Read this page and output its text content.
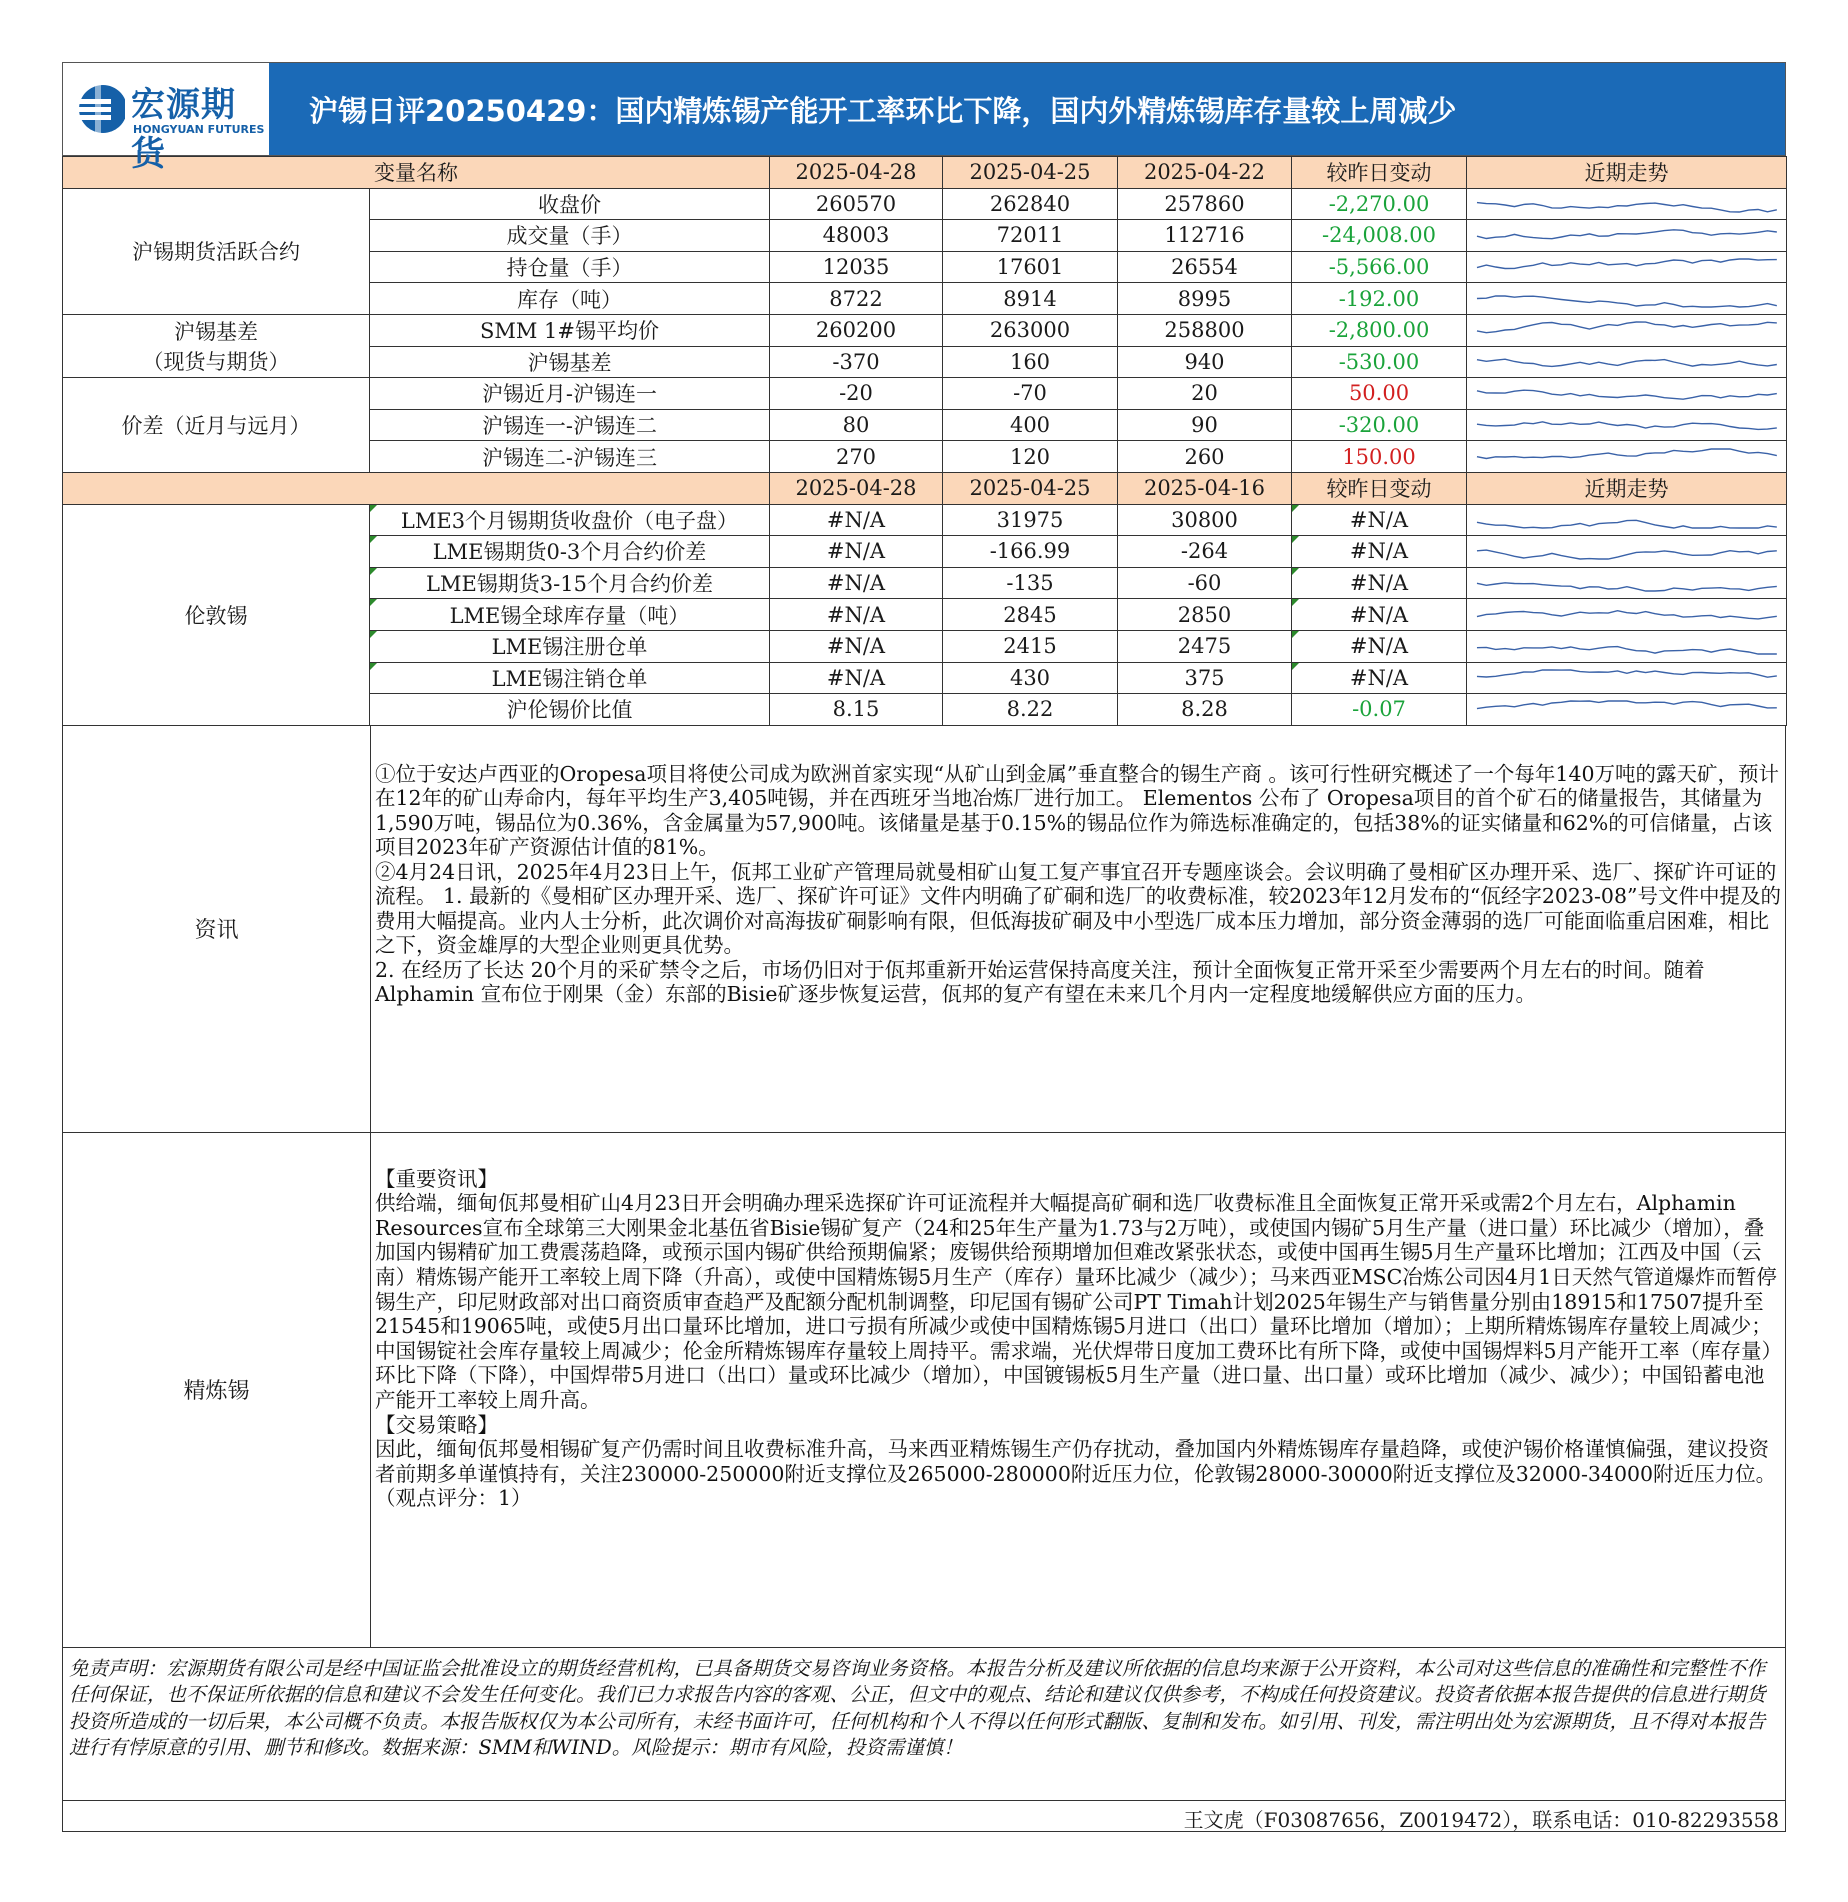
宏源期货
HONGYUAN FUTURES
沪锡日评20250429：国内精炼锡产能开工率环比下降，国内外精炼锡库存量较上周减少
变量名称		2025-04-28	2025-04-25	2025-04-22	较昨日变动	近期走势
沪锡期货活跃合约	收盘价	260570	262840	257860	-2,270.00	

	成交量（手）	48003	72011	112716	-24,008.00	

	持仓量（手）	12035	17601	26554	-5,566.00	

	库存（吨）	8722	8914	8995	-192.00	

沪锡基差
（现货与期货）	SMM 1#锡平均价	260200	263000	258800	-2,800.00	

	沪锡基差	-370	160	940	-530.00	

价差（近月与远月）	沪锡近月-沪锡连一	-20	-70	20	50.00	

	沪锡连一-沪锡连二	80	400	90	-320.00	

	沪锡连二-沪锡连三	270	120	260	150.00	

		2025-04-28	2025-04-25	2025-04-16	较昨日变动	近期走势
伦敦锡	LME3个月锡期货收盘价（电子盘）	#N/A	31975	30800	#N/A	

	LME锡期货0-3个月合约价差	#N/A	-166.99	-264	#N/A	

	LME锡期货3-15个月合约价差	#N/A	-135	-60	#N/A	

	LME锡全球库存量（吨）	#N/A	2845	2850	#N/A	

	LME锡注册仓单	#N/A	2415	2475	#N/A	

	LME锡注销仓单	#N/A	430	375	#N/A	

	沪伦锡价比值	8.15	8.22	8.28	-0.07	
资讯

①位于安达卢西亚的Oropesa项目将使公司成为欧洲首家实现“从矿山到金属”垂直整合的锡生产商 。该可行性研究概述了一个每年140万吨的露天矿，预计在12年的矿山寿命内，每年平均生产3,405吨锡，并在西班牙当地冶炼厂进行加工。 Elementos 公布了 Oropesa项目的首个矿石的储量报告，其储量为1,590万吨，锡品位为0.36%，含金属量为57,900吨。该储量是基于0.15%的锡品位作为筛选标准确定的，包括38%的证实储量和62%的可信储量，占该项目2023年矿产资源估计值的81%。

②4月24日讯，2025年4月23日上午，佤邦工业矿产管理局就曼相矿山复工复产事宜召开专题座谈会。会议明确了曼相矿区办理开采、选厂、探矿许可证的流程。 1. 最新的《曼相矿区办理开采、选厂、探矿许可证》文件内明确了矿硐和选厂的收费标准，较2023年12月发布的“佤经字2023-08”号文件中提及的费用大幅提高。业内人士分析，此次调价对高海拔矿硐影响有限，但低海拔矿硐及中小型选厂成本压力增加，部分资金薄弱的选厂可能面临重启困难，相比之下，资金雄厚的大型企业则更具优势。

2. 在经历了长达 20个月的采矿禁令之后，市场仍旧对于佤邦重新开始运营保持高度关注，预计全面恢复正常开采至少需要两个月左右的时间。随着 Alphamin 宣布位于刚果（金）东部的Bisie矿逐步恢复运营，佤邦的复产有望在未来几个月内一定程度地缓解供应方面的压力。

精炼锡

【重要资讯】

供给端，缅甸佤邦曼相矿山4月23日开会明确办理采选探矿许可证流程并大幅提高矿硐和选厂收费标准且全面恢复正常开采或需2个月左右，Alphamin Resources宣布全球第三大刚果金北基伍省Bisie锡矿复产（24和25年生产量为1.73与2万吨），或使国内锡矿5月生产量（进口量）环比减少（增加），叠加国内锡精矿加工费震荡趋降，或预示国内锡矿供给预期偏紧；废锡供给预期增加但难改紧张状态，或使中国再生锡5月生产量环比增加；江西及中国（云南）精炼锡产能开工率较上周下降（升高），或使中国精炼锡5月生产（库存）量环比减少（减少）；马来西亚MSC冶炼公司因4月1日天然气管道爆炸而暂停锡生产，印尼财政部对出口商资质审查趋严及配额分配机制调整，印尼国有锡矿公司PT Timah计划2025年锡生产与销售量分别由18915和17507提升至21545和19065吨，或使5月出口量环比增加，进口亏损有所减少或使中国精炼锡5月进口（出口）量环比增加（增加）；上期所精炼锡库存量较上周减少；中国锡锭社会库存量较上周减少；伦金所精炼锡库存量较上周持平。需求端，光伏焊带日度加工费环比有所下降，或使中国锡焊料5月产能开工率（库存量）环比下降（下降），中国焊带5月进口（出口）量或环比减少（增加），中国镀锡板5月生产量（进口量、出口量）或环比增加（减少、减少）；中国铅蓄电池产能开工率较上周升高。

【交易策略】

因此，缅甸佤邦曼相锡矿复产仍需时间且收费标准升高，马来西亚精炼锡生产仍存扰动，叠加国内外精炼锡库存量趋降，或使沪锡价格谨慎偏强，建议投资者前期多单谨慎持有，关注230000-250000附近支撑位及265000-280000附近压力位，伦敦锡28000-30000附近支撑位及32000-34000附近压力位。（观点评分：1）

免责声明：宏源期货有限公司是经中国证监会批准设立的期货经营机构，已具备期货交易咨询业务资格。本报告分析及建议所依据的信息均来源于公开资料，本公司对这些信息的准确性和完整性不作任何保证，也不保证所依据的信息和建议不会发生任何变化。我们已力求报告内容的客观、公正，但文中的观点、结论和建议仅供参考，不构成任何投资建议。投资者依据本报告提供的信息进行期货投资所造成的一切后果，本公司概不负责。本报告版权仅为本公司所有，未经书面许可，任何机构和个人不得以任何形式翻版、复制和发布。如引用、刊发，需注明出处为宏源期货，且不得对本报告进行有悖原意的引用、删节和修改。数据来源：SMM和WIND。风险提示：期市有风险，投资需谨慎！
王文虎（F03087656，Z0019472），联系电话：010-82293558
